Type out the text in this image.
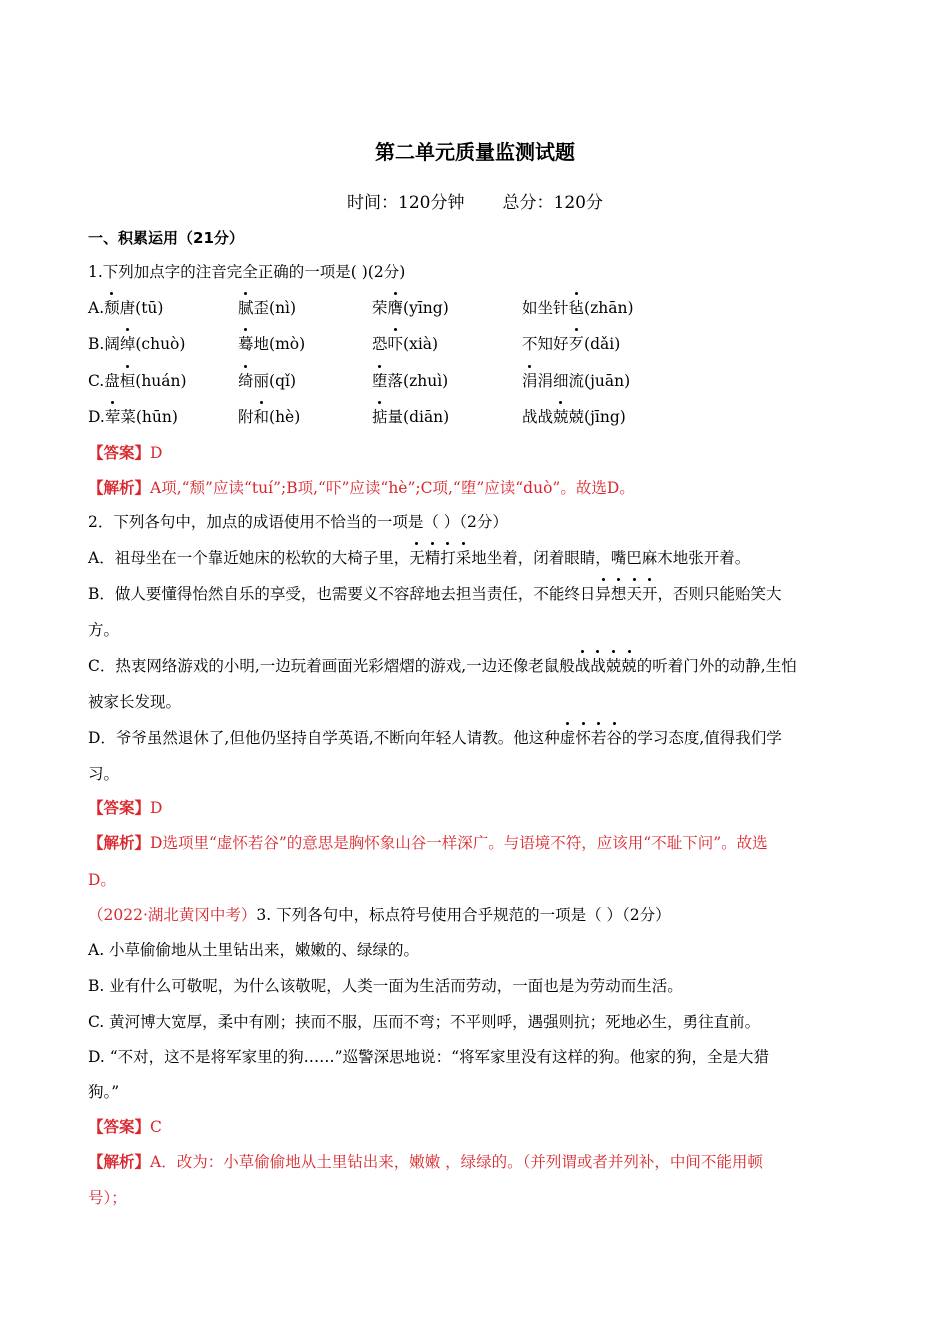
第二单元质量监测试题
时间：120分钟 总分：120分
一、积累运用（21分）
1.下列加点字的注音完全正确的一项是( )(2分)
A.颓唐(tū)	腻歪(nì)	荣膺(yīng)	如坐针毡(zhān)
B.阔绰(chuò)	蓦地(mò)	恐吓(xià)	不知好歹(dǎi)
C.盘桓(huán)	绮丽(qǐ)	堕落(zhuì)	涓涓细流(juān)
D.荤菜(hūn)	附和(hè)	掂量(diān)	战战兢兢(jīng)
【答案】D
【解析】A项,“颓”应读“tuí”;B项,“吓”应读“hè”;C项,“堕”应读“duò”。故选D。
2．下列各句中，加点的成语使用不恰当的一项是（ ）（2分）
A．祖母坐在一个靠近她床的松软的大椅子里，无精打采地坐着，闭着眼睛，嘴巴麻木地张开着。
B．做人要懂得怡然自乐的享受，也需要义不容辞地去担当责任，不能终日异想天开，否则只能贻笑大
方。
C．热衷网络游戏的小明,一边玩着画面光彩熠熠的游戏,一边还像老鼠般战战兢兢的听着门外的动静,生怕
被家长发现。
D．爷爷虽然退休了,但他仍坚持自学英语,不断向年轻人请教。他这种虚怀若谷的学习态度,值得我们学
习。
【答案】D
【解析】D选项里“虚怀若谷”的意思是胸怀象山谷一样深广。与语境不符，应该用“不耻下问”。故选
D。
（2022·湖北黄冈中考）3. 下列各句中，标点符号使用合乎规范的一项是（ ）（2分）
A. 小草偷偷地从土里钻出来，嫩嫩的、绿绿的。
B. 业有什么可敬呢，为什么该敬呢，人类一面为生活而劳动，一面也是为劳动而生活。
C. 黄河博大宽厚，柔中有刚；挟而不服，压而不弯；不平则呼，遇强则抗；死地必生，勇往直前。
D. “不对，这不是将军家里的狗……”巡警深思地说：“将军家里没有这样的狗。他家的狗，全是大猎
狗。”
【答案】C
【解析】A．改为：小草偷偷地从土里钻出来，嫩嫩 ，绿绿的。（并列谓或者并列补，中间不能用顿
号）；
